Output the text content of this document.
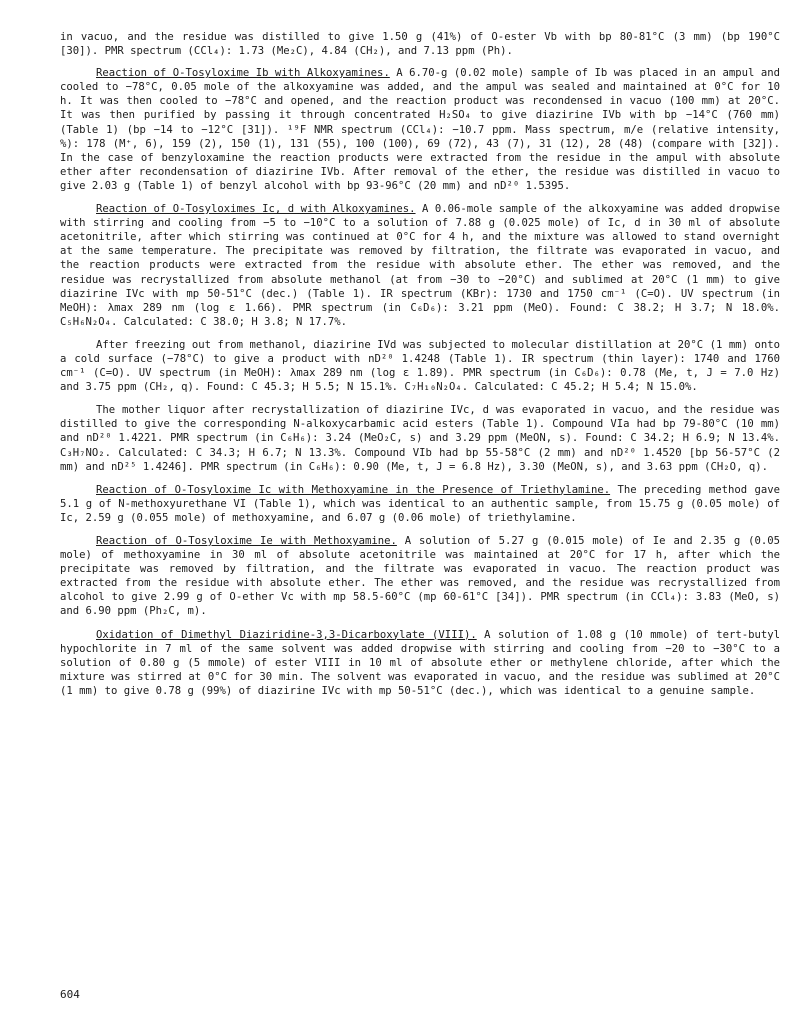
in vacuo, and the residue was distilled to give 1.50 g (41%) of O-ester Vb with bp 80-81°C (3 mm) (bp 190°C [30]). PMR spectrum (CCl₄): 1.73 (Me₂C), 4.84 (CH₂), and 7.13 ppm (Ph).

Reaction of O-Tosyloxime Ib with Alkoxyamines. A 6.70-g (0.02 mole) sample of Ib was placed in an ampul and cooled to −78°C, 0.05 mole of the alkoxyamine was added, and the ampul was sealed and maintained at 0°C for 10 h. It was then cooled to −78°C and opened, and the reaction product was recondensed in vacuo (100 mm) at 20°C. It was then purified by passing it through concentrated H₂SO₄ to give diazirine IVb with bp −14°C (760 mm) (Table 1) (bp −14 to −12°C [31]). ¹⁹F NMR spectrum (CCl₄): −10.7 ppm. Mass spectrum, m/e (relative intensity, %): 178 (M⁺, 6), 159 (2), 150 (1), 131 (55), 100 (100), 69 (72), 43 (7), 31 (12), 28 (48) (compare with [32]). In the case of benzyloxamine the reaction products were extracted from the residue in the ampul with absolute ether after recondensation of diazirine IVb. After removal of the ether, the residue was distilled in vacuo to give 2.03 g (Table 1) of benzyl alcohol with bp 93-96°C (20 mm) and nD²⁰ 1.5395.

Reaction of O-Tosyloximes Ic, d with Alkoxyamines. A 0.06-mole sample of the alkoxyamine was added dropwise with stirring and cooling from −5 to −10°C to a solution of 7.88 g (0.025 mole) of Ic, d in 30 ml of absolute acetonitrile, after which stirring was continued at 0°C for 4 h, and the mixture was allowed to stand overnight at the same temperature. The precipitate was removed by filtration, the filtrate was evaporated in vacuo, and the reaction products were extracted from the residue with absolute ether. The ether was removed, and the residue was recrystallized from absolute methanol (at from −30 to −20°C) and sublimed at 20°C (1 mm) to give diazirine IVc with mp 50-51°C (dec.) (Table 1). IR spectrum (KBr): 1730 and 1750 cm⁻¹ (C=O). UV spectrum (in MeOH): λmax 289 nm (log ε 1.66). PMR spectrum (in C₆D₆): 3.21 ppm (MeO). Found: C 38.2; H 3.7; N 18.0%. C₅H₆N₂O₄. Calculated: C 38.0; H 3.8; N 17.7%.

After freezing out from methanol, diazirine IVd was subjected to molecular distillation at 20°C (1 mm) onto a cold surface (−78°C) to give a product with nD²⁰ 1.4248 (Table 1). IR spectrum (thin layer): 1740 and 1760 cm⁻¹ (C=O). UV spectrum (in MeOH): λmax 289 nm (log ε 1.89). PMR spectrum (in C₆D₆): 0.78 (Me, t, J = 7.0 Hz) and 3.75 ppm (CH₂, q). Found: C 45.3; H 5.5; N 15.1%. C₇H₁₀N₂O₄. Calculated: C 45.2; H 5.4; N 15.0%.

The mother liquor after recrystallization of diazirine IVc, d was evaporated in vacuo, and the residue was distilled to give the corresponding N-alkoxycarbamic acid esters (Table 1). Compound VIa had bp 79-80°C (10 mm) and nD²⁰ 1.4221. PMR spectrum (in C₆H₆): 3.24 (MeO₂C, s) and 3.29 ppm (MeON, s). Found: C 34.2; H 6.9; N 13.4%. C₃H₇NO₂. Calculated: C 34.3; H 6.7; N 13.3%. Compound VIb had bp 55-58°C (2 mm) and nD²⁰ 1.4520 [bp 56-57°C (2 mm) and nD²⁵ 1.4246]. PMR spectrum (in C₆H₆): 0.90 (Me, t, J = 6.8 Hz), 3.30 (MeON, s), and 3.63 ppm (CH₂O, q).

Reaction of O-Tosyloxime Ic with Methoxyamine in the Presence of Triethylamine. The preceding method gave 5.1 g of N-methoxyurethane VI (Table 1), which was identical to an authentic sample, from 15.75 g (0.05 mole) of Ic, 2.59 g (0.055 mole) of methoxyamine, and 6.07 g (0.06 mole) of triethylamine.

Reaction of O-Tosyloxime Ie with Methoxyamine. A solution of 5.27 g (0.015 mole) of Ie and 2.35 g (0.05 mole) of methoxyamine in 30 ml of absolute acetonitrile was maintained at 20°C for 17 h, after which the precipitate was removed by filtration, and the filtrate was evaporated in vacuo. The reaction product was extracted from the residue with absolute ether. The ether was removed, and the residue was recrystallized from alcohol to give 2.99 g of O-ether Vc with mp 58.5-60°C (mp 60-61°C [34]). PMR spectrum (in CCl₄): 3.83 (MeO, s) and 6.90 ppm (Ph₂C, m).

Oxidation of Dimethyl Diaziridine-3,3-Dicarboxylate (VIII). A solution of 1.08 g (10 mmole) of tert-butyl hypochlorite in 7 ml of the same solvent was added dropwise with stirring and cooling from −20 to −30°C to a solution of 0.80 g (5 mmole) of ester VIII in 10 ml of absolute ether or methylene chloride, after which the mixture was stirred at 0°C for 30 min. The solvent was evaporated in vacuo, and the residue was sublimed at 20°C (1 mm) to give 0.78 g (99%) of diazirine IVc with mp 50-51°C (dec.), which was identical to a genuine sample.

604
